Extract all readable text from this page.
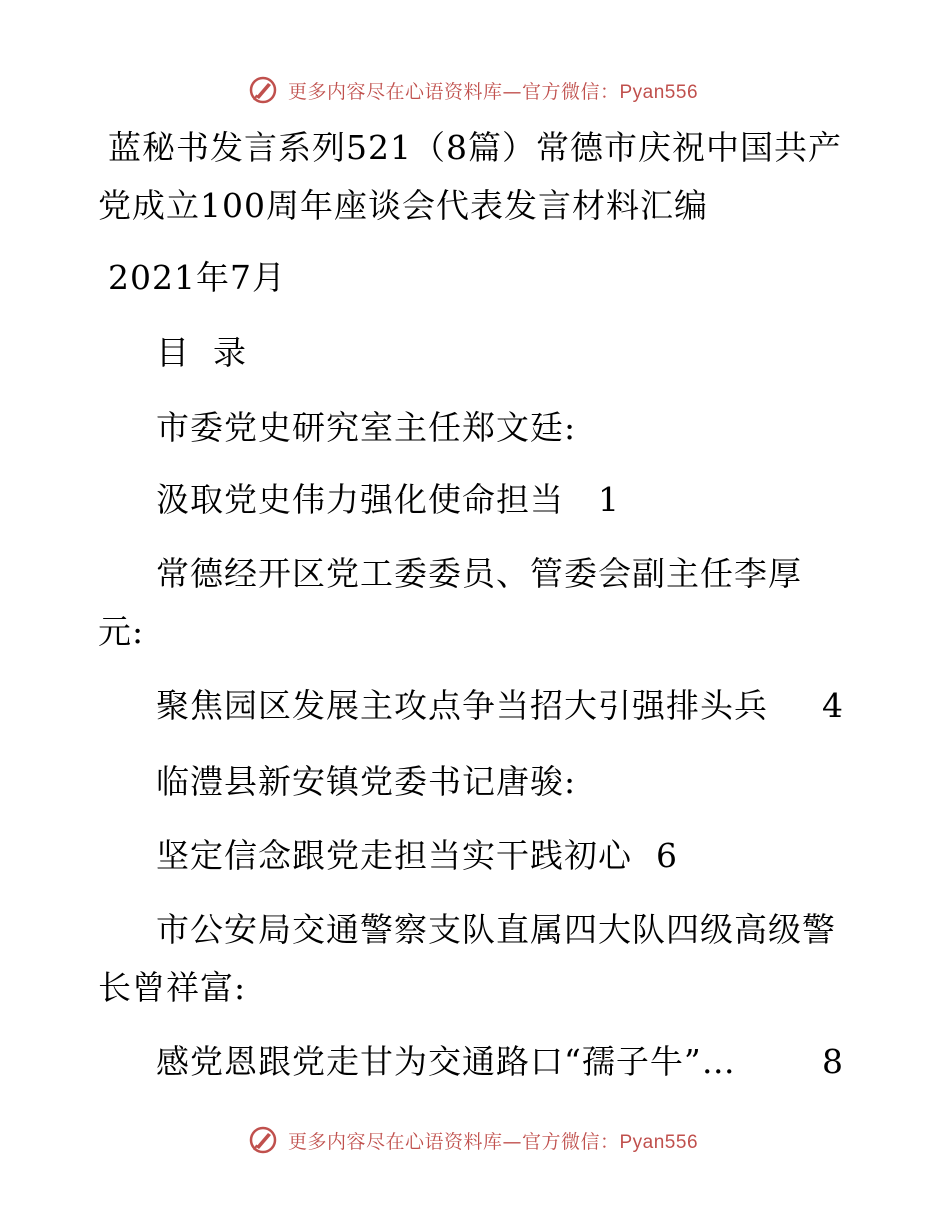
更多内容尽在心语资料库—官方微信：Pyan556
蓝秘书发言系列521（8篇）常德市庆祝中国共产
党成立100周年座谈会代表发言材料汇编
2021年7月
目  录
市委党史研究室主任郑文廷:
汲取党史伟力强化使命担当 1
常德经开区党工委委员、管委会副主任李厚
元:
聚焦园区发展主攻点争当招大引强排头兵 4
临澧县新安镇党委书记唐骏:
坚定信念跟党走担当实干践初心 6
市公安局交通警察支队直属四大队四级高级警
长曾祥富:
感党恩跟党走甘为交通路口“孺子牛”…	8
更多内容尽在心语资料库—官方微信：Pyan556
